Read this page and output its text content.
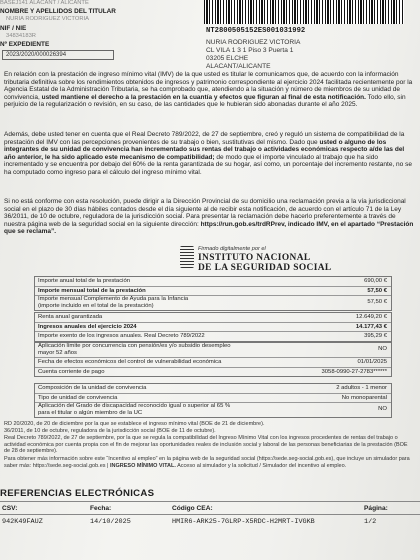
BASEJ141 ALACANT / ALICANTE
NOMBRE Y APELLIDOS DEL TITULAR
NURIA RODRIGUEZ VICTORIA
NIF / NIE
34834183R
Nº EXPEDIENTE
2023/2020/000026394
NT2800505152ES001031992
NURIA RODRIGUEZ VICTORIA
CL VILA 1 3 1 Piso 3 Puerta 1
03205 ELCHE
ALACANT/ALICANTE
En relación con la prestación de ingreso mínimo vital (IMV) de la que usted es titular le comunicamos que, de acuerdo con la información tributaria definitiva sobre los rendimientos obtenidos de ingresos y patrimonio correspondiente al ejercicio 2024 facilitada recientemente por la Agencia Estatal de la Administración Tributaria, se ha comprobado que, atendiendo a la situación y número de miembros de su unidad de convivencia, usted mantiene el derecho a la prestación en la cuantía y efectos que figuran al final de esta notificación. Todo ello, sin perjuicio de la regularización o revisión, en su caso, de las cantidades que le hubieran sido abonadas durante el año 2025.
Además, debe usted tener en cuenta que el Real Decreto 789/2022, de 27 de septiembre, creó y reguló un sistema de compatibilidad de la prestación del IMV con las percepciones provenientes de su trabajo o bien, sustitutivas del mismo. Dado que usted o alguno de los integrantes de su unidad de convivencia han incrementado sus rentas del trabajo o actividades económicas respecto a/de las del año anterior, le ha sido aplicado este mecanismo de compatibilidad; de modo que el importe vinculado al trabajo que ha sido incrementado y se encuentra por debajo del 60% de la renta garantizada de su hogar, así como, un porcentaje del incremento restante, no se ha computado como ingreso para el cálculo del ingreso mínimo vital.
Si no está conforme con esta resolución, puede dirigir a la Dirección Provincial de su domicilio una reclamación previa a la vía jurisdiccional social en el plazo de 30 días hábiles contados desde el día siguiente al de recibir esta notificación, de acuerdo con el artículo 71 de la Ley 36/2011, de 10 de octubre, reguladora de la jurisdicción social. Para presentar la reclamación debe hacerlo preferentemente a través de nuestra página web de la seguridad social en la siguiente dirección: https://run.gob.es/trdRPrev, indicado IMV, en el apartado “Prestación que se reclama”.
Firmado digitalmente por el
INSTITUTO NACIONAL
DE LA SEGURIDAD SOCIAL
Importe anual total de la prestación	690,00 €
Importe mensual total de la prestación	57,50 €
Importe mensual Complemento de Ayuda para la Infancia
(importe incluido en el total de la prestación)
57,50 €
Renta anual garantizada	12.649,20 €
Ingresos anuales del ejercicio 2024	14.177,43 €
Importe exento de los ingresos anuales. Real Decreto 789/2022	395,29 €
Aplicación límite por concurrencia con pensión/es y/o subsidio desempleo
mayor 52 años
NO
Fecha de efectos económicos del control de vulnerabilidad económica	01/01/2025
Cuenta corriente de pago	3058-0990-27-2783******
Composición de la unidad de convivencia	2 adultos - 1 menor
Tipo de unidad de convivencia	No monoparental
Aplicación del Grado de discapacidad reconocido igual o superior al 65 %
para el titular o algún miembro de la UC
NO
RD 20/2020, de 20 de diciembre por la que se establece el ingreso mínimo vital (BOE de 21 de diciembre).
36/2011, de 10 de octubre, reguladora de la jurisdicción social (BOE de 11 de octubre).
Real Decreto 789/2022, de 27 de septiembre, por la que se regula la compatibilidad del Ingreso Mínimo Vital con los ingresos procedentes de rentas del trabajo o actividad económica por cuenta propia con el fin de mejorar las oportunidades reales de inclusión social y laboral de las personas beneficiarias de la prestación (BOE de 28 de septiembre).
Para obtener más información sobre este “Incentivo al empleo” en la página web de la seguridad social (https://sede.seg-social.gob.es), que incluye un simulador para saber más: https://sede.seg-social.gob.es | INGRESO MÍNIMO VITAL. Acceso al simulador y la solicitud / Simulador del incentivo al empleo.
REFERENCIAS ELECTRÓNICAS
CSV:	Fecha:	Código CEA:	Página:
942K49FAUZ	14/10/2025	HMIR6-ARK25-7GLRP-X5RDC-H2MRT-IVGKB	1/2
